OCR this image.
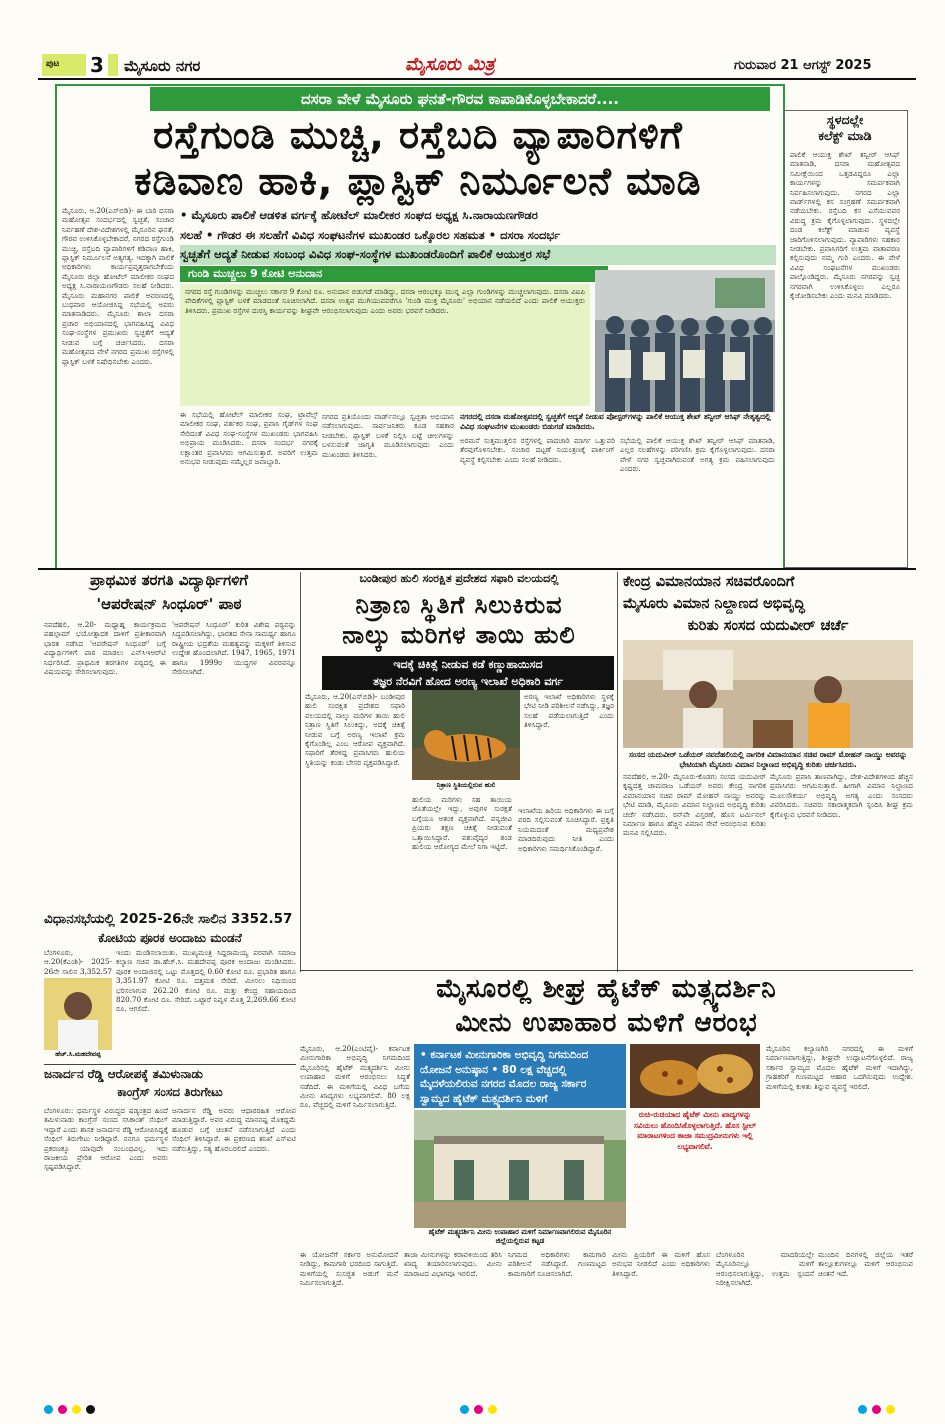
ಪುಟ 3 ಮೈಸೂರು ನಗರ	ಮೈಸೂರು ಮಿತ್ರ	ಗುರುವಾರ 21 ಆಗಸ್ಟ್ 2025
ದಸರಾ ವೇಳೆ ಮೈಸೂರು ಘನತೆ-ಗೌರವ ಕಾಪಾಡಿಕೊಳ್ಳಬೇಕಾದರೆ....
ರಸ್ತೆಗುಂಡಿ ಮುಚ್ಚಿ, ರಸ್ತೆಬದಿ ವ್ಯಾಪಾರಿಗಳಿಗೆ
ಕಡಿವಾಣ ಹಾಕಿ, ಪ್ಲಾಸ್ಟಿಕ್ ನಿರ್ಮೂಲನೆ ಮಾಡಿ
• ಮೈಸೂರು ಪಾಲಿಕೆ ಆಡಳಿತ ವರ್ಗಕ್ಕೆ ಹೋಟೆಲ್ ಮಾಲೀಕರ ಸಂಘದ ಅಧ್ಯಕ್ಷ ಸಿ.ನಾರಾಯಣಗೌಡರ
ಸಲಹೆ • ಗೌಡರ ಈ ಸಲಹೆಗೆ ವಿವಿಧ ಸಂಘಟನೆಗಳ ಮುಖಂಡರ ಒಕ್ಕೊರಲ ಸಹಮತ • ದಸರಾ ಸಂದರ್ಭ
ಸ್ವಚ್ಛತೆಗೆ ಆದ್ಯತೆ ನೀಡುವ ಸಂಬಂಧ ವಿವಿಧ ಸಂಘ-ಸಂಸ್ಥೆಗಳ ಮುಖಂಡರೊಂದಿಗೆ ಪಾಲಿಕೆ ಆಯುಕ್ತರ ಸಭೆ
ಮೈಸೂರು, ಆ.20(ಎಸ್‌ಬಿಡಿ)- ಈ ಬಾರಿ ದಸರಾ ಮಹೋತ್ಸವ ಸಂದರ್ಭದಲ್ಲಿ ಸ್ವಚ್ಛತೆ, ಸಂಚಾರ ನಿರ್ವಹಣೆ ದೇಶ-ವಿದೇಶಗಳಲ್ಲಿ ಮೈಸೂರಿನ ಘನತೆ, ಗೌರವ ಉಳಿಸಿಕೊಳ್ಳಬೇಕಾದರೆ, ನಗರದ ರಸ್ತೆಗುಂಡಿ ಮುಚ್ಚಿ, ರಸ್ತೆಬದಿ ವ್ಯಾಪಾರಿಗಳಿಗೆ ಕಡಿವಾಣ ಹಾಕಿ, ಪ್ಲಾಸ್ಟಿಕ್ ನಿರ್ಮೂಲನೆ ಅತ್ಯಗತ್ಯ. ಇದಕ್ಕಾಗಿ ಪಾಲಿಕೆ ಅಧಿಕಾರಿಗಳು ಕಾರ್ಯಪ್ರವೃತ್ತರಾಗಬೇಕೆಂದು ಮೈಸೂರು ಜಿಲ್ಲಾ ಹೋಟೆಲ್ ಮಾಲೀಕರ ಸಂಘದ ಅಧ್ಯಕ್ಷ ಸಿ.ನಾರಾಯಣಗೌಡರು ಸಲಹೆ ನೀಡಿದರು. ಮೈಸೂರು ಮಹಾನಗರ ಪಾಲಿಕೆ ಆವರಣದಲ್ಲಿ ಬುಧವಾರ ಆಯೋಜಿಸಿದ್ದ ಸಭೆಯಲ್ಲಿ ಅವರು ಮಾತನಾಡಿದರು. ಮೈಸೂರು ಶಾಲಾ ದಸರಾ ಪ್ರಚಾರ ಅಭಿಯಾನದಲ್ಲಿ ಭಾಗವಹಿಸಿದ್ದ ವಿವಿಧ ಸಂಘ-ಸಂಸ್ಥೆಗಳ ಪ್ರಮುಖರು ಸ್ವಚ್ಛತೆಗೆ ಆದ್ಯತೆ ನೀಡುವ ಬಗ್ಗೆ ಚರ್ಚಿಸಿದರು. ದಸರಾ ಮಹೋತ್ಸವದ ವೇಳೆ ನಗರದ ಪ್ರಮುಖ ರಸ್ತೆಗಳಲ್ಲಿ ಪ್ಲಾಸ್ಟಿಕ್ ಬಳಕೆ ನಿಷೇಧಿಸಬೇಕು ಎಂದರು.
ಗುಂಡಿ ಮುಚ್ಚಲು 9 ಕೋಟಿ ಅನುದಾನ
ನಗರದ ರಸ್ತೆ ಗುಂಡಿಗಳನ್ನು ಮುಚ್ಚಲು ಸರ್ಕಾರ 9 ಕೋಟಿ ರೂ. ಅನುದಾನ ಬಿಡುಗಡೆ ಮಾಡಿದ್ದು, ದಸರಾ ಆರಂಭಕ್ಕೂ ಮುನ್ನ ಎಲ್ಲಾ ಗುಂಡಿಗಳನ್ನು ಮುಚ್ಚಲಾಗುವುದು. ದಸರಾ ವಿಐಪಿ ವೇದಿಕೆಗಳಲ್ಲಿ ಪ್ಲಾಸ್ಟಿಕ್ ಬಳಕೆ ಮಾಡದಂತೆ ಸೂಚಿಸಲಾಗಿದೆ. ದಸರಾ ಉತ್ಸವ ಮುಗಿಯುವವರೆಗೂ 'ಗುಂಡಿ ಮುಕ್ತ ಮೈಸೂರು' ಅಭಿಯಾನ ನಡೆಯಲಿದೆ ಎಂದು ಪಾಲಿಕೆ ಆಯುಕ್ತರು ತಿಳಿಸಿದರು. ಪ್ರಮುಖ ರಸ್ತೆಗಳ ದುರಸ್ತಿ ಕಾರ್ಯವನ್ನು ಶೀಘ್ರವೇ ಆರಂಭಿಸಲಾಗುವುದು ಎಂದು ಅವರು ಭರವಸೆ ನೀಡಿದರು.
ನಗರದಲ್ಲಿ ದಸರಾ ಮಹೋತ್ಸವದಲ್ಲಿ ಸ್ವಚ್ಛತೆಗೆ ಆದ್ಯತೆ ನೀಡುವ ಪೋಸ್ಟರ್‌ಗಳನ್ನು ಪಾಲಿಕೆ ಆಯುಕ್ತ ಶೇಖ್ ತನ್ವೀರ್ ಆಸಿಫ್ ನೇತೃತ್ವದಲ್ಲಿ ವಿವಿಧ ಸಂಘಟನೆಗಳ ಮುಖಂಡರು ಬಿಡುಗಡೆ ಮಾಡಿದರು.
ಈ ಸಭೆಯಲ್ಲಿ ಹೋಟೆಲ್ ಮಾಲೀಕರ ಸಂಘ, ಟ್ರಾವೆಲ್ಸ್ ಮಾಲೀಕರ ಸಂಘ, ವರ್ತಕರ ಸಂಘ, ಪ್ರವಾಸಿ ಗೈಡ್‌ಗಳ ಸಂಘ ಸೇರಿದಂತೆ ವಿವಿಧ ಸಂಘ-ಸಂಸ್ಥೆಗಳ ಮುಖಂಡರು ಭಾಗವಹಿಸಿ ಅಭಿಪ್ರಾಯ ಮಂಡಿಸಿದರು. ದಸರಾ ಸಂದರ್ಭ ನಗರಕ್ಕೆ ಲಕ್ಷಾಂತರ ಪ್ರವಾಸಿಗರು ಆಗಮಿಸುತ್ತಾರೆ. ಅವರಿಗೆ ಉತ್ತಮ ಅನುಭವ ನೀಡುವುದು ನಮ್ಮೆಲ್ಲರ ಜವಾಬ್ದಾರಿ.
ನಗರದ ಪ್ರತಿಯೊಂದು ವಾರ್ಡ್‌ನಲ್ಲೂ ಸ್ವಚ್ಛತಾ ಅಭಿಯಾನ ನಡೆಸಲಾಗುವುದು. ಸಾರ್ವಜನಿಕರು ಕೂಡ ಸಹಕಾರ ನೀಡಬೇಕು. ಪ್ಲಾಸ್ಟಿಕ್ ಬಳಕೆ ನಿಲ್ಲಿಸಿ ಬಟ್ಟೆ ಚೀಲಗಳನ್ನು ಬಳಸುವಂತೆ ಜಾಗೃತಿ ಮೂಡಿಸಲಾಗುವುದು ಎಂದು ಮುಖಂಡರು ತಿಳಿಸಿದರು.
ಅರಮನೆ ಸುತ್ತಮುತ್ತಲಿನ ರಸ್ತೆಗಳಲ್ಲಿ ಪಾದಚಾರಿ ಮಾರ್ಗ ಒತ್ತುವರಿ ತೆರವುಗೊಳಿಸಬೇಕು. ಸಂಚಾರ ದಟ್ಟಣೆ ನಿಯಂತ್ರಣಕ್ಕೆ ಪಾರ್ಕಿಂಗ್ ವ್ಯವಸ್ಥೆ ಕಲ್ಪಿಸಬೇಕು ಎಂದು ಸಲಹೆ ನೀಡಿದರು.
ಸಭೆಯಲ್ಲಿ ಪಾಲಿಕೆ ಆಯುಕ್ತ ಶೇಖ್ ತನ್ವೀರ್ ಆಸಿಫ್ ಮಾತನಾಡಿ, ಎಲ್ಲರ ಸಲಹೆಗಳನ್ನು ಪರಿಗಣಿಸಿ ಕ್ರಮ ಕೈಗೊಳ್ಳಲಾಗುವುದು. ದಸರಾ ವೇಳೆ ನಗರ ಸ್ವಚ್ಛವಾಗಿರುವಂತೆ ಅಗತ್ಯ ಕ್ರಮ ವಹಿಸಲಾಗುವುದು ಎಂದರು.
ಸ್ಥಳದಲ್ಲೇ
ಕಲೆಕ್ಟ್ ಮಾಡಿ
ಪಾಲಿಕೆ ಆಯುಕ್ತ ಶೇಖ್ ತನ್ವೀರ್ ಆಸಿಫ್ ಮಾತನಾಡಿ, ದಸರಾ ಮಹೋತ್ಸವದ ಸಮೀಕ್ಷೆಯಿಂದ ಒತ್ತಡವಿದ್ದರೂ ಎಲ್ಲಾ ಕಾರ್ಯಗಳನ್ನು ಸಮರ್ಪಕವಾಗಿ ನಿರ್ವಹಿಸಲಾಗುವುದು. ನಗರದ ಎಲ್ಲಾ ವಾರ್ಡ್‌ಗಳಲ್ಲಿ ಕಸ ಸಂಗ್ರಹಣೆ ಸಮರ್ಪಕವಾಗಿ ನಡೆಯಬೇಕು. ರಸ್ತೆಬದಿ ಕಸ ಎಸೆಯುವವರ ವಿರುದ್ಧ ಕ್ರಮ ಕೈಗೊಳ್ಳಲಾಗುವುದು. ಸ್ಥಳದಲ್ಲೇ ದಂಡ ಕಲೆಕ್ಟ್ ಮಾಡುವ ವ್ಯವಸ್ಥೆ ಜಾರಿಗೊಳಿಸಲಾಗುವುದು. ವ್ಯಾಪಾರಿಗಳು ಸಹಕಾರ ನೀಡಬೇಕು. ಪ್ರವಾಸಿಗರಿಗೆ ಉತ್ತಮ ವಾತಾವರಣ ಕಲ್ಪಿಸುವುದು ನಮ್ಮ ಗುರಿ ಎಂದರು. ಈ ವೇಳೆ ವಿವಿಧ ಸಂಘಟನೆಗಳ ಮುಖಂಡರು ಪಾಲ್ಗೊಂಡಿದ್ದರು. ಮೈಸೂರು ನಗರವನ್ನು ಸ್ವಚ್ಛ ನಗರವಾಗಿ ಉಳಿಸಿಕೊಳ್ಳಲು ಎಲ್ಲರೂ ಕೈಜೋಡಿಸಬೇಕು ಎಂದು ಮನವಿ ಮಾಡಿದರು.
ಪ್ರಾಥಮಿಕ ತರಗತಿ ವಿದ್ಯಾರ್ಥಿಗಳಿಗೆ
'ಆಪರೇಷನ್ ಸಿಂಧೂರ್' ಪಾಠ
ನವದೆಹಲಿ, ಆ.20- ಮಧ್ಯಾಹ್ನ ಕಾರ್ಯಕ್ರಮದ ಪಹಲ್ಗಾಮ್ ಭಯೋತ್ಪಾದಕ ದಾಳಿಗೆ ಪ್ರತೀಕಾರವಾಗಿ ಭಾರತ ನಡೆಸಿದ 'ಆಪರೇಷನ್ ಸಿಂಧೂರ್' ಬಗ್ಗೆ ವಿದ್ಯಾರ್ಥಿಗಳಿಗೆ ಪಾಠ ಮಾಡಲು ಎನ್‌ಸಿಇಆರ್‌ಟಿ ನಿರ್ಧರಿಸಿದೆ. ಪ್ರಾಥಮಿಕ ತರಗತಿಗಳ ಪಠ್ಯದಲ್ಲಿ ಈ ವಿಷಯವನ್ನು ಸೇರಿಸಲಾಗುವುದು.
'ಆಪರೇಷನ್ ಸಿಂಧೂರ್' ಕುರಿತ ವಿಶೇಷ ಪಠ್ಯವನ್ನು ಸಿದ್ಧಪಡಿಸಲಾಗಿದ್ದು, ಭಾರತದ ಸೇನಾ ಸಾಮರ್ಥ್ಯ ಹಾಗೂ ರಾಷ್ಟ್ರೀಯ ಭದ್ರತೆಯ ಮಹತ್ವವನ್ನು ಮಕ್ಕಳಿಗೆ ತಿಳಿಸುವ ಉದ್ದೇಶ ಹೊಂದಲಾಗಿದೆ. 1947, 1965, 1971 ಹಾಗೂ 1999ರ ಯುದ್ಧಗಳ ವಿವರವನ್ನೂ ಸೇರಿಸಲಾಗಿದೆ.
ಬಂಡೀಪುರ ಹುಲಿ ಸಂರಕ್ಷಿತ ಪ್ರದೇಶದ ಸಫಾರಿ ವಲಯದಲ್ಲಿ
ನಿತ್ರಾಣ ಸ್ಥಿತಿಗೆ ಸಿಲುಕಿರುವ
ನಾಲ್ಕು ಮರಿಗಳ ತಾಯಿ ಹುಲಿ
ಇದಕ್ಕೆ ಚಿಕಿತ್ಸೆ ನೀಡುವ ಕಡೆ ಕಣ್ಣುಹಾಯಿಸದ
ತಜ್ಞರ ನೆರವಿಗೆ ಹೋದ ಅರಣ್ಯ ಇಲಾಖೆ ಅಧಿಕಾರಿ ವರ್ಗ
ಮೈಸೂರು, ಆ.20(ಎಸ್‌ಬಿಡಿ)- ಬಂಡೀಪುರ ಹುಲಿ ಸಂರಕ್ಷಿತ ಪ್ರದೇಶದ ಸಫಾರಿ ವಲಯದಲ್ಲಿ ನಾಲ್ಕು ಮರಿಗಳ ತಾಯಿ ಹುಲಿ ನಿತ್ರಾಣ ಸ್ಥಿತಿಗೆ ಸಿಲುಕಿದ್ದು, ಅದಕ್ಕೆ ಚಿಕಿತ್ಸೆ ನೀಡುವ ಬಗ್ಗೆ ಅರಣ್ಯ ಇಲಾಖೆ ಕ್ರಮ ಕೈಗೊಂಡಿಲ್ಲ ಎಂಬ ಆರೋಪ ವ್ಯಕ್ತವಾಗಿದೆ. ಸಫಾರಿಗೆ ತೆರಳಿದ್ದ ಪ್ರವಾಸಿಗರು ಹುಲಿಯ ಸ್ಥಿತಿಯನ್ನು ಕಂಡು ಬೇಸರ ವ್ಯಕ್ತಪಡಿಸಿದ್ದಾರೆ.
ನಿತ್ರಾಣ ಸ್ಥಿತಿಯಲ್ಲಿರುವ ಹುಲಿ
ಅರಣ್ಯ ಇಲಾಖೆ ಅಧಿಕಾರಿಗಳು ಸ್ಥಳಕ್ಕೆ ಭೇಟಿ ನೀಡಿ ಪರಿಶೀಲನೆ ನಡೆಸಿದ್ದು, ತಜ್ಞರ ಸಲಹೆ ಪಡೆಯಲಾಗುತ್ತಿದೆ ಎಂದು ತಿಳಿಸಿದ್ದಾರೆ.
ಹುಲಿಯ ಮರಿಗಳು ಸಹ ತಾಯಿಯ ಜೊತೆಯಲ್ಲೇ ಇದ್ದು, ಅವುಗಳ ಸುರಕ್ಷತೆ ಬಗ್ಗೆಯೂ ಆತಂಕ ವ್ಯಕ್ತವಾಗಿದೆ. ವನ್ಯಜೀವಿ ಪ್ರಿಯರು ತಕ್ಷಣ ಚಿಕಿತ್ಸೆ ನೀಡುವಂತೆ ಒತ್ತಾಯಿಸಿದ್ದಾರೆ. ಪಶುವೈದ್ಯರ ತಂಡ ಹುಲಿಯ ಆರೋಗ್ಯದ ಮೇಲೆ ನಿಗಾ ಇಟ್ಟಿದೆ.
ಇಲಾಖೆಯ ಹಿರಿಯ ಅಧಿಕಾರಿಗಳು ಈ ಬಗ್ಗೆ ವರದಿ ಸಲ್ಲಿಸುವಂತೆ ಸೂಚಿಸಿದ್ದಾರೆ. ಪ್ರಕೃತಿ ನಿಯಮದಂತೆ ಮಧ್ಯಪ್ರವೇಶ ಮಾಡದಿರುವುದು ನೀತಿ ಎಂದು ಅಧಿಕಾರಿಗಳು ಸಮರ್ಥಿಸಿಕೊಂಡಿದ್ದಾರೆ.
ಕೇಂದ್ರ ವಿಮಾನಯಾನ ಸಚಿವರೊಂದಿಗೆ
ಮೈಸೂರು ವಿಮಾನ ನಿಲ್ದಾಣದ ಅಭಿವೃದ್ಧಿ
ಕುರಿತು ಸಂಸದ ಯದುವೀರ್ ಚರ್ಚೆ
ಸಂಸದ ಯದುವೀರ್ ಒಡೆಯರ್ ನವದೆಹಲಿಯಲ್ಲಿ ನಾಗರಿಕ ವಿಮಾನಯಾನ ಸಚಿವ ರಾಮ್ ಮೋಹನ್ ನಾಯ್ಡು ಅವರನ್ನು ಭೇಟಿಯಾಗಿ ಮೈಸೂರು ವಿಮಾನ ನಿಲ್ದಾಣದ ಅಭಿವೃದ್ಧಿ ಕುರಿತು ಚರ್ಚಿಸಿದರು.
ನವದೆಹಲಿ, ಆ.20- ಮೈಸೂರು-ಕೊಡಗು ಸಂಸದ ಯದುವೀರ್ ಕೃಷ್ಣದತ್ತ ಚಾಮರಾಜ ಒಡೆಯರ್ ಅವರು ಕೇಂದ್ರ ನಾಗರಿಕ ವಿಮಾನಯಾನ ಸಚಿವ ರಾಮ್ ಮೋಹನ್ ನಾಯ್ಡು ಅವರನ್ನು ಭೇಟಿ ಮಾಡಿ, ಮೈಸೂರು ವಿಮಾನ ನಿಲ್ದಾಣದ ಅಭಿವೃದ್ಧಿ ಕುರಿತು ಚರ್ಚೆ ನಡೆಸಿದರು. ರನ್‌ವೇ ವಿಸ್ತರಣೆ, ಹೊಸ ಟರ್ಮಿನಲ್ ನಿರ್ಮಾಣ ಹಾಗೂ ಹೆಚ್ಚಿನ ವಿಮಾನ ಸೇವೆ ಆರಂಭಿಸುವ ಕುರಿತು ಮನವಿ ಸಲ್ಲಿಸಿದರು.
ಮೈಸೂರು ಪ್ರವಾಸಿ ತಾಣವಾಗಿದ್ದು, ದೇಶ-ವಿದೇಶಗಳಿಂದ ಹೆಚ್ಚಿನ ಪ್ರವಾಸಿಗರು ಆಗಮಿಸುತ್ತಾರೆ. ಹೀಗಾಗಿ ವಿಮಾನ ನಿಲ್ದಾಣದ ಮೂಲಸೌಕರ್ಯ ಅಭಿವೃದ್ಧಿ ಅಗತ್ಯ ಎಂದು ಸಂಸದರು ವಿವರಿಸಿದರು. ಸಚಿವರು ಸಕಾರಾತ್ಮಕವಾಗಿ ಸ್ಪಂದಿಸಿ ಶೀಘ್ರ ಕ್ರಮ ಕೈಗೊಳ್ಳುವ ಭರವಸೆ ನೀಡಿದರು.
ವಿಧಾನಸಭೆಯಲ್ಲಿ 2025-26ನೇ ಸಾಲಿನ 3352.57
ಕೋಟಿಯ ಪೂರಕ ಅಂದಾಜು ಮಂಡನೆ
ಬೆಂಗಳೂರು, ಆ.20(ಕೆಎಂಶಿ)- 2025-26ನೇ ಸಾಲಿನ 3,352.57
ಹೆಚ್.ಸಿ.ಮಹದೇವಪ್ಪ
ಇಂದು ಮಂಡಿಸಲಾಯಿತು. ಮುಖ್ಯಮಂತ್ರಿ ಸಿದ್ದರಾಮಯ್ಯ ಪರವಾಗಿ ಸಮಾಜ ಕಲ್ಯಾಣ ಸಚಿವ ಡಾ.ಹೆಚ್.ಸಿ. ಮಹದೇವಪ್ಪ ಪೂರಕ ಅಂದಾಜು ಮಂಡಿಸಿದರು. ಪೂರಕ ಅಂದಾಜಿನಲ್ಲಿ ಒಟ್ಟು ಮೊತ್ತದಲ್ಲಿ 0.60 ಕೋಟಿ ರೂ. ಪ್ರಭಾರಿತ ಹಾಗೂ 3,351.97 ಕೋಟಿ ರೂ. ದತ್ತಮತ ಸೇರಿದೆ. ಮೀಸಲು ನಿಧಿಯಿಂದ ಭರಿಸಲಾಗುವ 262.20 ಕೋಟಿ ರೂ. ಮತ್ತು ಕೇಂದ್ರ ಸಹಾಯದಿಂದ 820.70 ಕೋಟಿ ರೂ. ಸೇರಿದೆ. ಒಟ್ಟಾರೆ ನಿವ್ವಳ ಮೊತ್ತ 2,269.66 ಕೋಟಿ ರೂ. ಆಗಲಿದೆ.
ಜನಾರ್ದನ ರೆಡ್ಡಿ ಆರೋಪಕ್ಕೆ ತಮಿಳುನಾಡು
ಕಾಂಗ್ರೆಸ್ ಸಂಸದ ತಿರುಗೇಟು
ಬೆಂಗಳೂರು: ಧರ್ಮಸ್ಥಳ ವಿರುದ್ಧದ ಷಡ್ಯಂತ್ರದ ಹಿಂದೆ ತಮಿಳುನಾಡು ಕಾಂಗ್ರೆಸ್ ಸಂಸದ ಸಸಿಕಾಂತ್ ಸೆಂಥಿಲ್ ಇದ್ದಾರೆ ಎಂದು ಶಾಸಕ ಜನಾರ್ದನ ರೆಡ್ಡಿ ಆರೋಪಿಸಿದ್ದಕ್ಕೆ ಸೆಂಥಿಲ್ ತಿರುಗೇಟು ನೀಡಿದ್ದಾರೆ. ನನಗೂ ಧರ್ಮಸ್ಥಳ ಪ್ರಕರಣಕ್ಕೂ ಯಾವುದೇ ಸಂಬಂಧವಿಲ್ಲ. ಇದು ರಾಜಕೀಯ ಪ್ರೇರಿತ ಆರೋಪ ಎಂದು ಅವರು ಸ್ಪಷ್ಟಪಡಿಸಿದ್ದಾರೆ.
ಜನಾರ್ದನ ರೆಡ್ಡಿ ಅವರು ಆಧಾರರಹಿತ ಆರೋಪ ಮಾಡುತ್ತಿದ್ದಾರೆ. ಅವರ ವಿರುದ್ಧ ಮಾನನಷ್ಟ ಮೊಕದ್ದಮೆ ಹೂಡುವ ಬಗ್ಗೆ ಚಿಂತನೆ ನಡೆಸಲಾಗುತ್ತಿದೆ ಎಂದು ಸೆಂಥಿಲ್ ತಿಳಿಸಿದ್ದಾರೆ. ಈ ಪ್ರಕರಣದ ತನಿಖೆ ಎಸ್ಐಟಿ ನಡೆಸುತ್ತಿದ್ದು, ಸತ್ಯ ಹೊರಬರಲಿದೆ ಎಂದರು.
ಮೈಸೂರಲ್ಲಿ ಶೀಘ್ರ ಹೈಟೆಕ್ ಮತ್ಸ್ಯದರ್ಶಿನಿ
ಮೀನು ಉಪಾಹಾರ ಮಳಿಗೆ ಆರಂಭ
ಮೈಸೂರು, ಆ.20(ಎಂಟಿವೈ)- ಕರ್ನಾಟಕ ಮೀನುಗಾರಿಕಾ ಅಭಿವೃದ್ಧಿ ನಿಗಮದಿಂದ ಮೈಸೂರಿನಲ್ಲಿ ಹೈಟೆಕ್ ಮತ್ಸ್ಯದರ್ಶಿನಿ ಮೀನು ಉಪಾಹಾರ ಮಳಿಗೆ ಆರಂಭಿಸಲು ಸಿದ್ಧತೆ ನಡೆದಿದೆ. ಈ ಮಳಿಗೆಯಲ್ಲಿ ವಿವಿಧ ಬಗೆಯ ಮೀನು ಖಾದ್ಯಗಳು ಲಭ್ಯವಾಗಲಿವೆ. 80 ಲಕ್ಷ ರೂ. ವೆಚ್ಚದಲ್ಲಿ ಮಳಿಗೆ ನಿರ್ಮಿಸಲಾಗುತ್ತಿದೆ.
• ಕರ್ನಾಟಕ ಮೀನುಗಾರಿಕಾ ಅಭಿವೃದ್ಧಿ ನಿಗಮದಿಂದ
ಯೋಜನೆ ಅನುಷ್ಠಾನ • 80 ಲಕ್ಷ ವೆಚ್ಚದಲ್ಲಿ
ಮೈದಳೆಯಲಿರುವ ನಗರದ ಮೊದಲ ರಾಜ್ಯ ಸರ್ಕಾರ
ಸ್ವಾಮ್ಯದ ಹೈಟೆಕ್ ಮತ್ಸ್ಯದರ್ಶಿನಿ ಮಳಿಗೆ
ಹೈಟೆಕ್ ಮತ್ಸ್ಯದರ್ಶಿನಿ ಮೀನು ಉಪಾಹಾರ ಮಳಿಗೆ ನಿರ್ಮಾಣವಾಗಲಿರುವ ಮೈಸೂರಿನ ಜಿಲ್ಲೆಯಲ್ಲಿರುವ ಕಟ್ಟಡ
ರುಚಿ-ರುಚಿಯಾದ ಹೈಟೆಕ್ ಮೀನು ಖಾದ್ಯಗಳನ್ನು ಸವಿಯಲು ಹೊಂದಿಸಿಕೊಳ್ಳಲಾಗುತ್ತಿದೆ. ಹೊಸ ಸ್ಟೀಲ್ ಮಾರಾಟಗಳಿಂದ ತಾಜಾ ಸಮುದ್ರಮೀನುಗಳು ಇಲ್ಲಿ ಲಭ್ಯವಾಗಲಿವೆ.
ಮೈಸೂರಿನ ಕಲ್ಯಾಣಗಿರಿ ನಗರದಲ್ಲಿ ಈ ಮಳಿಗೆ ನಿರ್ಮಾಣವಾಗುತ್ತಿದ್ದು, ಶೀಘ್ರವೇ ಉದ್ಘಾಟನೆಗೊಳ್ಳಲಿದೆ. ರಾಜ್ಯ ಸರ್ಕಾರ ಸ್ವಾಮ್ಯದ ಮೊದಲ ಹೈಟೆಕ್ ಮಳಿಗೆ ಇದಾಗಿದ್ದು, ಗ್ರಾಹಕರಿಗೆ ಗುಣಮಟ್ಟದ ಆಹಾರ ಒದಗಿಸುವುದು ಉದ್ದೇಶ. ಮಳಿಗೆಯಲ್ಲಿ ಕುಳಿತು ತಿನ್ನುವ ವ್ಯವಸ್ಥೆ ಇರಲಿದೆ.
ಈ ಯೋಜನೆಗೆ ಸರ್ಕಾರ ಅನುಮೋದನೆ ನೀಡಿದ್ದು, ಕಾಮಗಾರಿ ಭರದಿಂದ ಸಾಗುತ್ತಿದೆ. ಮಳಿಗೆಯಲ್ಲಿ ಸುಸಜ್ಜಿತ ಅಡುಗೆ ಮನೆ ನಿರ್ಮಿಸಲಾಗುತ್ತಿದೆ.
ತಾಜಾ ಮೀನುಗಳನ್ನು ಕರಾವಳಿಯಿಂದ ತರಿಸಿ ಖಾದ್ಯ ತಯಾರಿಸಲಾಗುವುದು. ಮೀನು ಮಾರಾಟದ ವಿಭಾಗವೂ ಇರಲಿದೆ.
ನಿಗಮದ ಅಧಿಕಾರಿಗಳು ಕಾಮಗಾರಿ ಪರಿಶೀಲನೆ ನಡೆಸಿದ್ದಾರೆ. ಗುಣಮಟ್ಟದ ಕಾಮಗಾರಿಗೆ ಸೂಚಿಸಲಾಗಿದೆ.
ಮೀನು ಪ್ರಿಯರಿಗೆ ಈ ಮಳಿಗೆ ಹೊಸ ಅನುಭವ ನೀಡಲಿದೆ ಎಂದು ಅಧಿಕಾರಿಗಳು ತಿಳಿಸಿದ್ದಾರೆ.
ಬೆಂಗಳೂರಿನ ಮಾದರಿಯಲ್ಲೇ ಮೈಸೂರಿನಲ್ಲೂ ಮಳಿಗೆ ಆರಂಭಿಸಲಾಗುತ್ತಿದ್ದು, ಉತ್ತಮ ಸ್ಪಂದನೆ ನಿರೀಕ್ಷಿಸಲಾಗಿದೆ.
ಮುಂದಿನ ದಿನಗಳಲ್ಲಿ ಜಿಲ್ಲೆಯ ಇತರೆ ತಾಲ್ಲೂಕುಗಳಲ್ಲೂ ಮಳಿಗೆ ಆರಂಭಿಸುವ ಚಿಂತನೆ ಇದೆ.
